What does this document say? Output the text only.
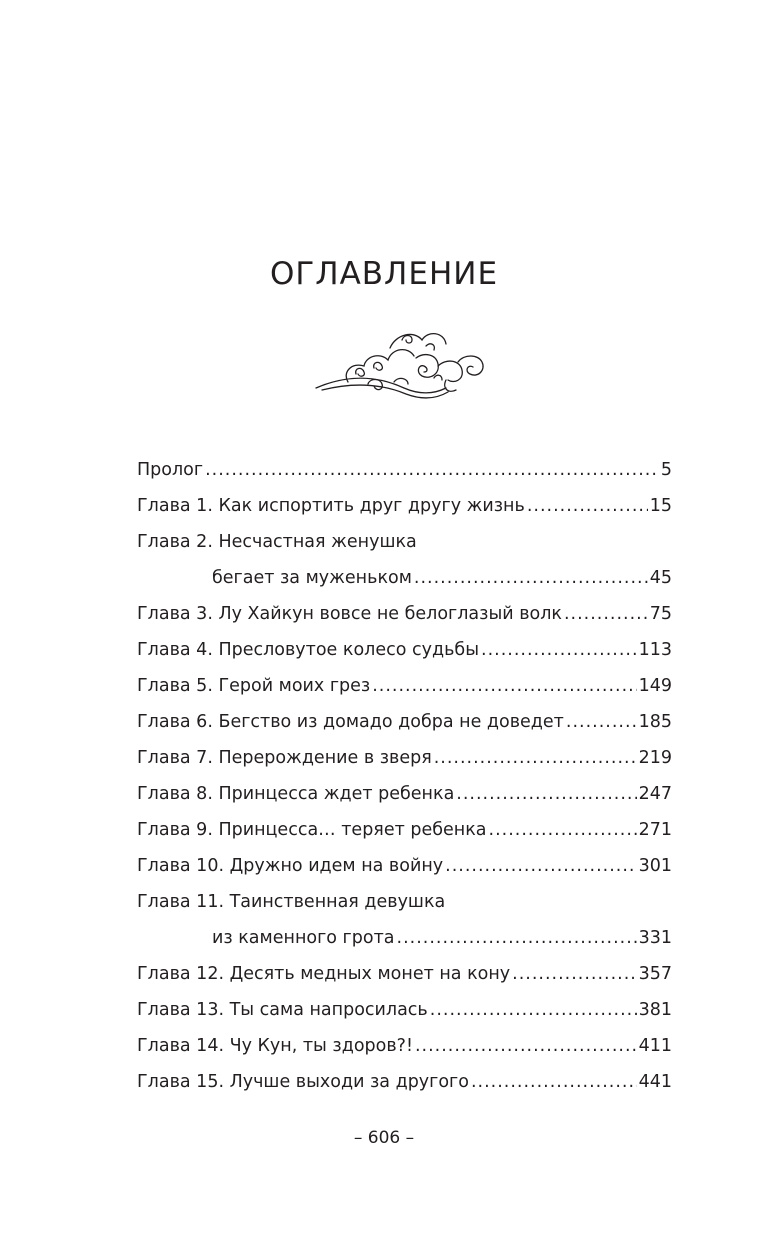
ОГЛАВЛЕНИЕ
Пролог .....	5
Глава 1. Как испортить друг другу жизнь .....	15
Глава 2. Несчастная женушка
бегает за муженьком .....	45
Глава 3. Лу Хайкун вовсе не белоглазый волк .....	75
Глава 4. Пресловутое колесо судьбы .....	113
Глава 5. Герой моих грез .....	149
Глава 6. Бегство из домадо добра не доведет .....	185
Глава 7. Перерождение в зверя .....	219
Глава 8. Принцесса ждет ребенка .....	247
Глава 9. Принцесса… теряет ребенка .....	271
Глава 10. Дружно идем на войну .....	301
Глава 11. Таинственная девушка
из каменного грота .....	331
Глава 12. Десять медных монет на кону .....	357
Глава 13. Ты сама напросилась .....	381
Глава 14. Чу Кун, ты здоров?! .....	411
Глава 15. Лучше выходи за другого .....	441
– 606 –
